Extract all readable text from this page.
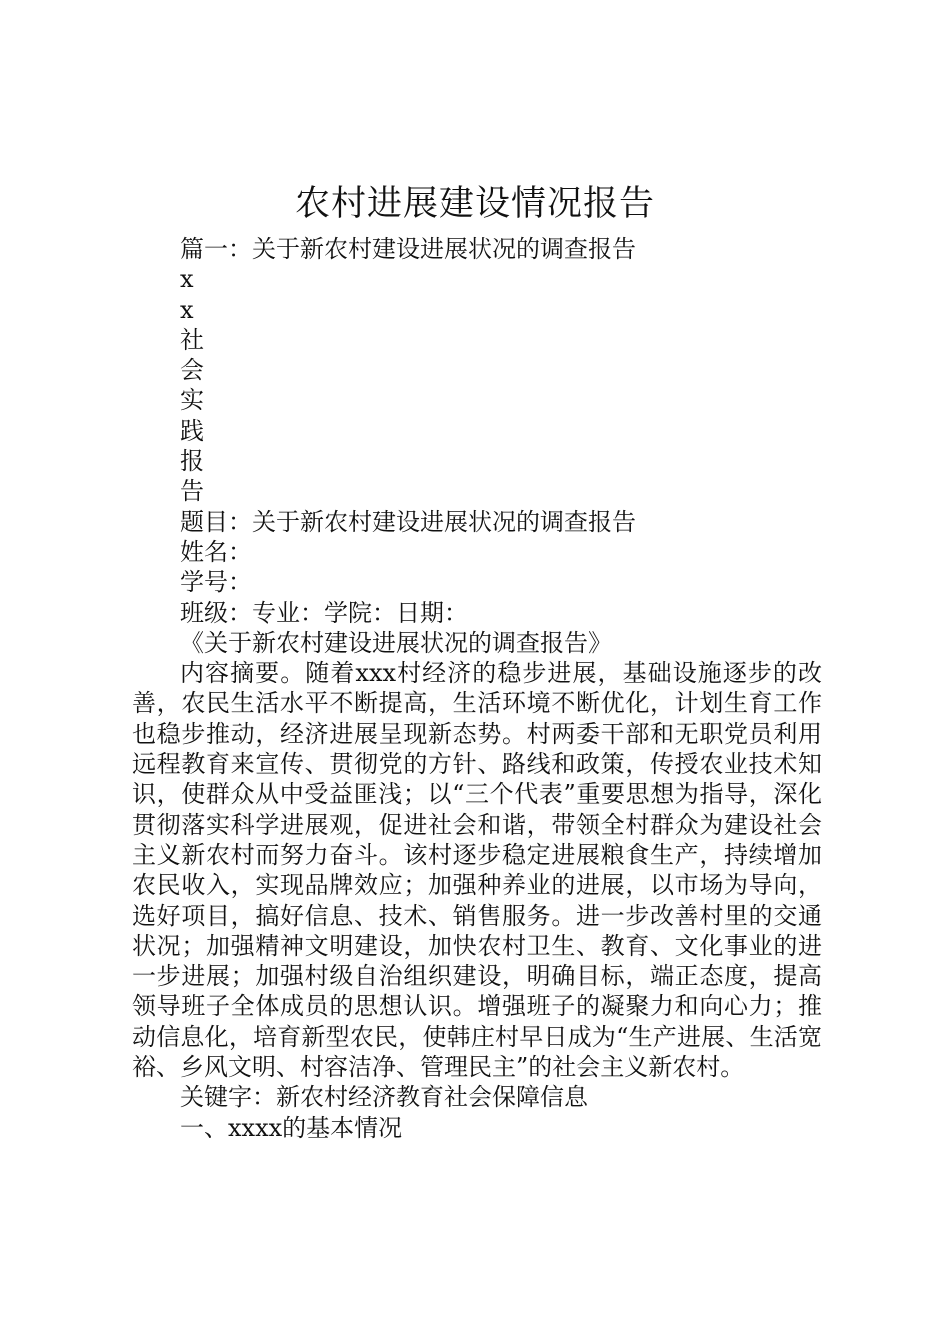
农村进展建设情况报告

篇一：关于新农村建设进展状况的调查报告

x

x

社

会

实

践

报

告

题目：关于新农村建设进展状况的调查报告

姓名：

学号：

班级：专业：学院：日期：

《关于新农村建设进展状况的调查报告》

内容摘要。随着xxx村经济的稳步进展，基础设施逐步的改善，农民生活水平不断提高，生活环境不断优化，计划生育工作也稳步推动，经济进展呈现新态势。村两委干部和无职党员利用远程教育来宣传、贯彻党的方针、路线和政策，传授农业技术知识，使群众从中受益匪浅；以“三个代表”重要思想为指导，深化贯彻落实科学进展观，促进社会和谐，带领全村群众为建设社会主义新农村而努力奋斗。该村逐步稳定进展粮食生产，持续增加农民收入，实现品牌效应；加强种养业的进展，以市场为导向，选好项目，搞好信息、技术、销售服务。进一步改善村里的交通状况；加强精神文明建设，加快农村卫生、教育、文化事业的进一步进展；加强村级自治组织建设，明确目标，端正态度，提高领导班子全体成员的思想认识。增强班子的凝聚力和向心力；推动信息化，培育新型农民，使韩庄村早日成为“生产进展、生活宽裕、乡风文明、村容洁净、管理民主”的社会主义新农村。

关键字：新农村经济教育社会保障信息

一、xxxx的基本情况
